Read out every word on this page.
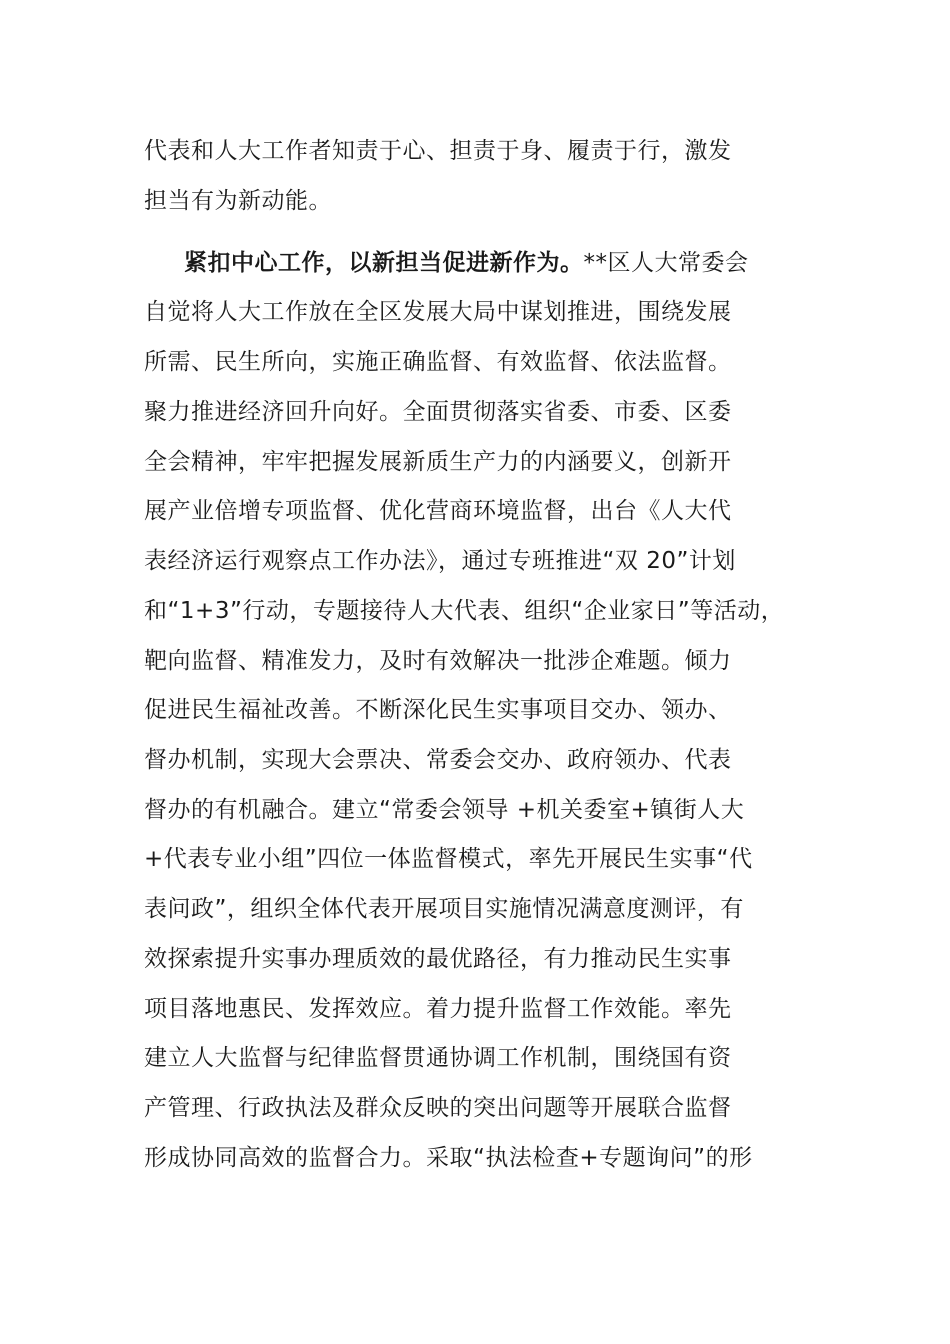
代表和人大工作者知责于心、担责于身、履责于行，激发
担当有为新动能。
紧扣中心工作，以新担当促进新作为。**区人大常委会
自觉将人大工作放在全区发展大局中谋划推进，围绕发展
所需、民生所向，实施正确监督、有效监督、依法监督。
聚力推进经济回升向好。全面贯彻落实省委、市委、区委
全会精神，牢牢把握发展新质生产力的内涵要义，创新开
展产业倍增专项监督、优化营商环境监督，出台《人大代
表经济运行观察点工作办法》，通过专班推进“双 20”计划
和“1+3”行动，专题接待人大代表、组织“企业家日”等活动，
靶向监督、精准发力，及时有效解决一批涉企难题。倾力
促进民生福祉改善。不断深化民生实事项目交办、领办、
督办机制，实现大会票决、常委会交办、政府领办、代表
督办的有机融合。建立“常委会领导 +机关委室+镇街人大
+代表专业小组”四位一体监督模式，率先开展民生实事“代
表问政”，组织全体代表开展项目实施情况满意度测评，有
效探索提升实事办理质效的最优路径，有力推动民生实事
项目落地惠民、发挥效应。着力提升监督工作效能。率先
建立人大监督与纪律监督贯通协调工作机制，围绕国有资
产管理、行政执法及群众反映的突出问题等开展联合监督
形成协同高效的监督合力。采取“执法检查+专题询问”的形
